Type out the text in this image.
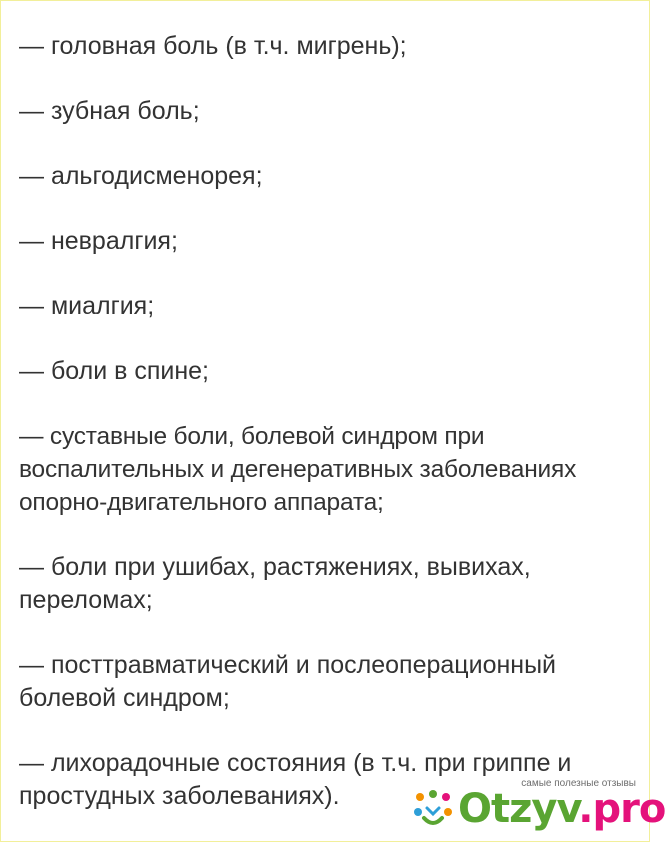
— головная боль (в т.ч. мигрень);
— зубная боль;
— альгодисменорея;
— невралгия;
— миалгия;
— боли в спине;
— суставные боли, болевой синдром при воспалительных и дегенеративных заболеваниях опорно-двигательного аппарата;
— боли при ушибах, растяжениях, вывихах, переломах;
— посттравматический и послеоперационный болевой синдром;
— лихорадочные состояния (в т.ч. при гриппе и простудных заболеваниях).	самые полезные отзывы
Otzyv.pro
